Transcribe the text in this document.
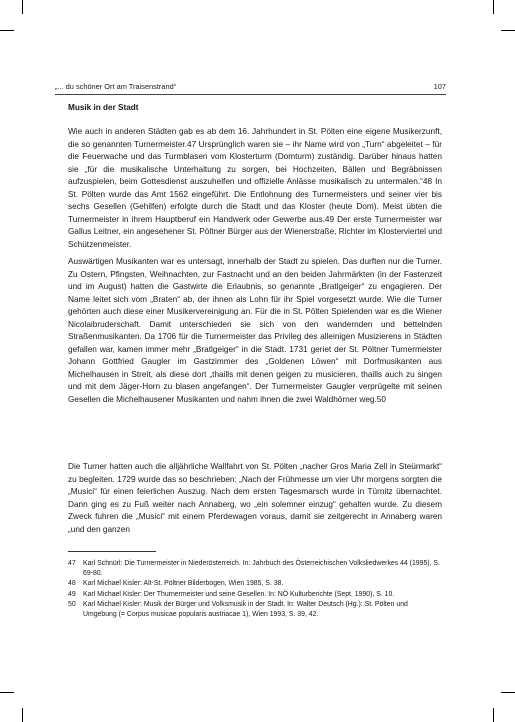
„... du schöner Ort am Traisenstrand“	107
Musik in der Stadt

Wie auch in anderen Städten gab es ab dem 16. Jahrhundert in St. Pölten eine eigene Musikerzunft, die so genannten Turnermeister.47 Ursprünglich waren sie – ihr Name wird von „Turn“ abgeleitet – für die Feuerwache und das Turmblasen vom Klosterturm (Domturm) zuständig. Darüber hinaus hatten sie „für die musikalische Unterhaltung zu sorgen, bei Hochzeiten, Bällen und Begräbnissen aufzuspielen, beim Gottesdienst auszuhelfen und offizielle Anlässe musikalisch zu untermalen.“48 In St. Pölten wurde das Amt 1562 eingeführt. Die Entlohnung des Turnermeisters und seiner vier bis sechs Gesellen (Gehilfen) erfolgte durch die Stadt und das Kloster (heute Dom). Meist übten die Turnermeister in ihrem Hauptberuf ein Handwerk oder Gewerbe aus.49 Der erste Turnermeister war Gallus Leitner, ein angesehener St. Pöltner Bürger aus der Wienerstraße, Richter im Klosterviertel und Schützenmeister.

Auswärtigen Musikanten war es untersagt, innerhalb der Stadt zu spielen. Das durften nur die Turner. Zu Ostern, Pfingsten, Weihnachten, zur Fastnacht und an den beiden Jahrmärkten (in der Fastenzeit und im August) hatten die Gastwirte die Erlaubnis, so genannte „Bratlgeiger“ zu engagieren. Der Name leitet sich vom „Braten“ ab, der ihnen als Lohn für ihr Spiel vorgesetzt wurde. Wie die Turner gehörten auch diese einer Musikervereinigung an. Für die in St. Pölten Spielenden war es die Wiener Nicolaibruderschaft. Damit unterschieden sie sich von den wandernden und bettelnden Straßenmusikanten. Da 1706 für die Turnermeister das Privileg des alleinigen Musizierens in Städten gefallen war, kamen immer mehr „Bratlgeiger“ in die Stadt. 1731 geriet der St. Pöltner Turnermeister Johann Gottfried Gaugler im Gastzimmer des „Goldenen Löwen“ mit Dorfmusikanten aus Michelhausen in Streit, als diese dort „thaills mit denen geigen zu musicieren, thaills auch zu singen und mit dem Jäger-Horn zu blasen angefangen“. Der Turnermeister Gaugler verprügelte mit seinen Gesellen die Michelhausener Musikanten und nahm ihnen die zwei Waldhörner weg.50

Die Turner hatten auch die alljährliche Wallfahrt von St. Pölten „nacher Gros Maria Zell in Steürmarkt“ zu begleiten. 1729 wurde das so beschrieben: „Nach der Frühmesse um vier Uhr morgens sorgten die „Musici“ für einen feierlichen Auszug. Nach dem ersten Tagesmarsch wurde in Türnitz übernachtet. Dann ging es zu Fuß weiter nach Annaberg, wo „ein solemner einzug“ gehalten wurde. Zu diesem Zweck fuhren die „Musici“ mit einem Pferdewagen voraus, damit sie zeitgerecht in Annaberg waren „und den ganzen

47 Karl Schnürl: Die Turnermeister in Niederösterreich. In: Jahrbuch des Österreichischen Volksliedwerkes 44 (1995), S. 69-80.
48 Karl Michael Kisler: Alt-St. Pöltner Bilderbogen, Wien 1985, S. 38.
49 Karl Michael Kisler: Der Thurnermeister und seine Gesellen. In: NÖ Kulturberichte (Sept. 1990), S. 10.
50 Karl Michael Kisler: Musik der Bürger und Volksmusik in der Stadt. In: Walter Deutsch (Hg.): St. Pölten und Umgebung (= Corpus musicae popularis austriacae 1), Wien 1993, S. 39, 42.
